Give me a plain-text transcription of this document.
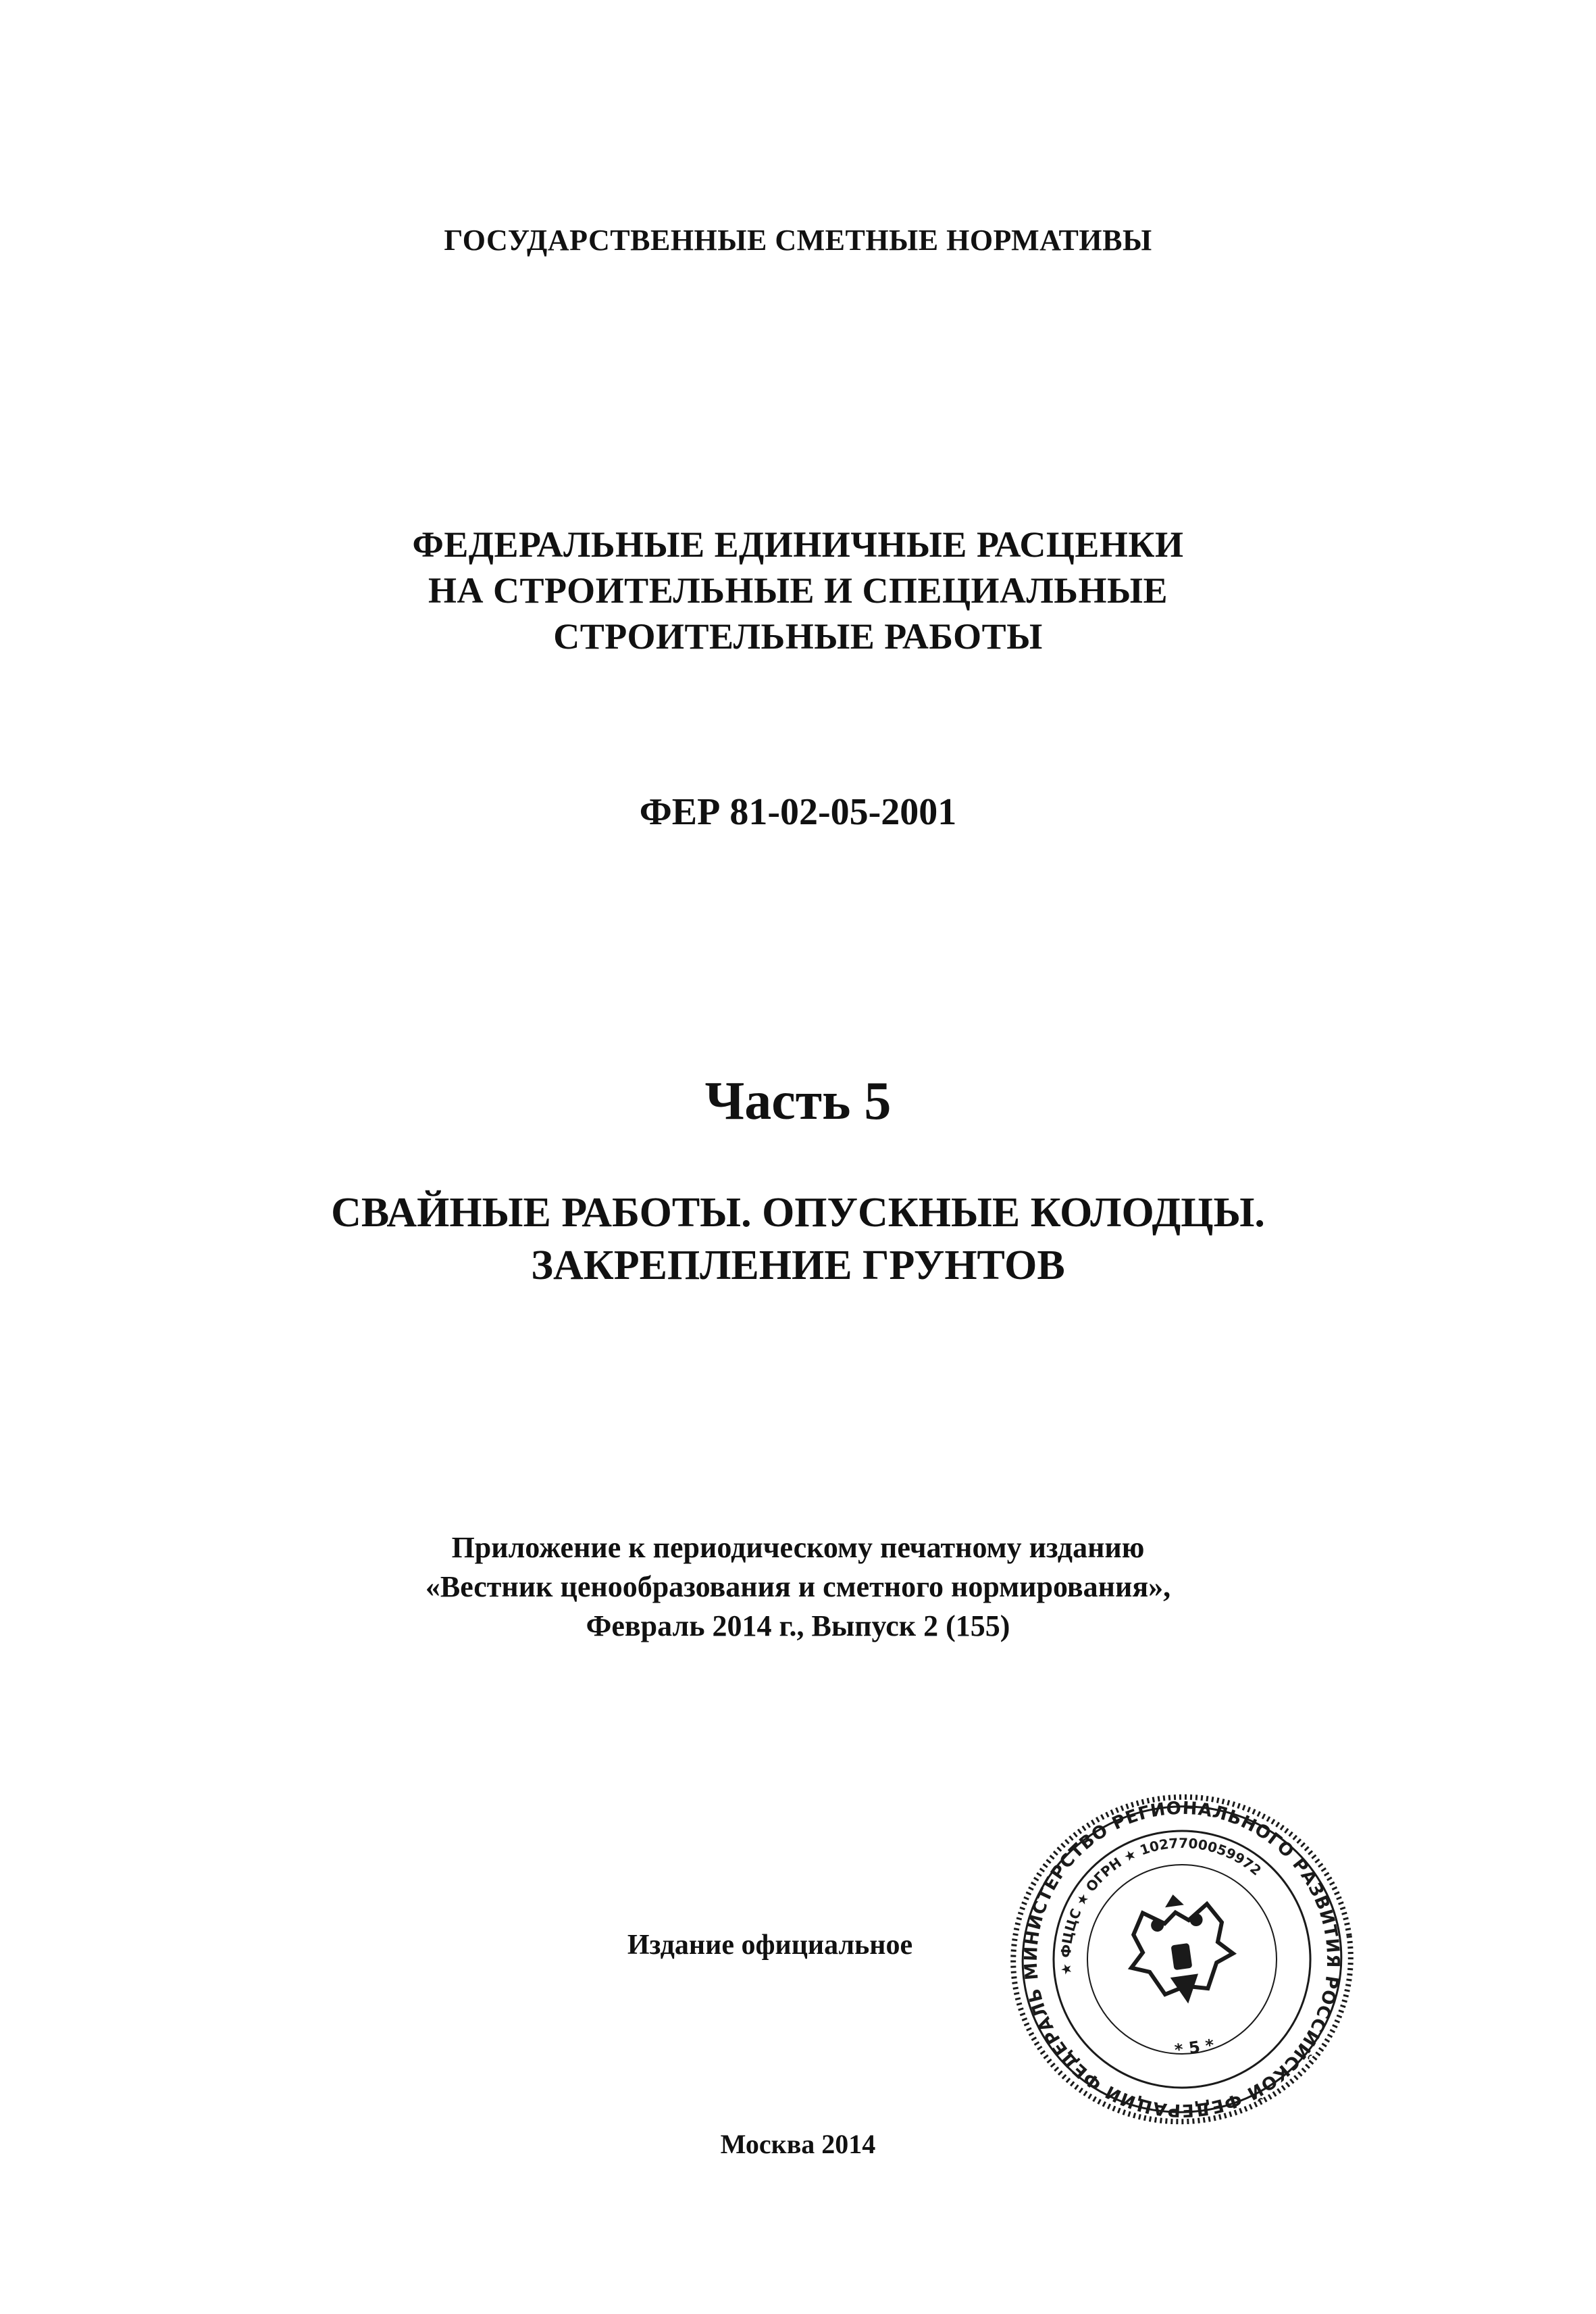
ГОСУДАРСТВЕННЫЕ СМЕТНЫЕ НОРМАТИВЫ
ФЕДЕРАЛЬНЫЕ ЕДИНИЧНЫЕ РАСЦЕНКИ
НА СТРОИТЕЛЬНЫЕ И СПЕЦИАЛЬНЫЕ
СТРОИТЕЛЬНЫЕ РАБОТЫ
ФЕР 81-02-05-2001
Часть 5
СВАЙНЫЕ РАБОТЫ. ОПУСКНЫЕ КОЛОДЦЫ.
ЗАКРЕПЛЕНИЕ ГРУНТОВ
Приложение к периодическому печатному изданию
«Вестник ценообразования и сметного нормирования»,
Февраль 2014 г., Выпуск 2 (155)
Издание официальное
МИНИСТЕРСТВО РЕГИОНАЛЬНОГО РАЗВИТИЯ РОССИЙСКОЙ ФЕДЕРАЦИИ ФЕДЕРАЛЬНОЕ
★ ФЦЦС ★ ОГРН ★ 1027700059972
* 5 *
Москва 2014
